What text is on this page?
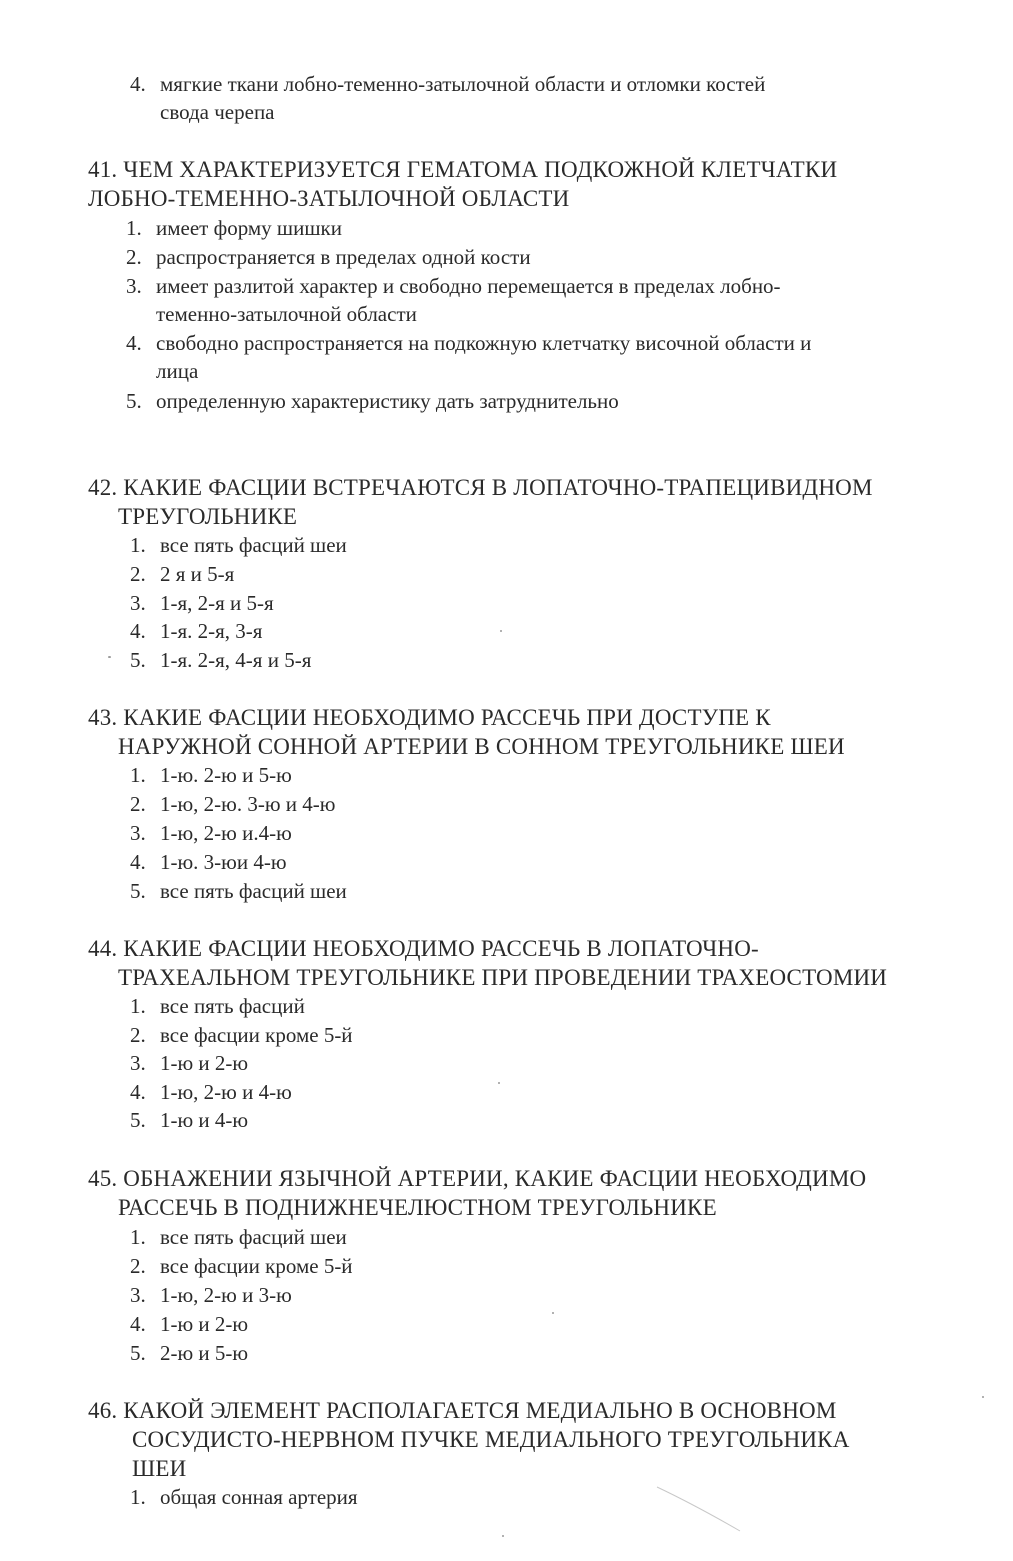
4. мягкие ткани лобно-теменно-затылочной области и отломки костей
свода черепа
41. ЧЕМ ХАРАКТЕРИЗУЕТСЯ ГЕМАТОМА ПОДКОЖНОЙ КЛЕТЧАТКИ
ЛОБНО-ТЕМЕННО-ЗАТЫЛОЧНОЙ ОБЛАСТИ
1. имеет форму шишки
2. распространяется в пределах одной кости
3. имеет разлитой характер и свободно перемещается в пределах лобно-
теменно-затылочной области
4. свободно распространяется на подкожную клетчатку височной области и
лица
5. определенную характеристику дать затруднительно
42. КАКИЕ ФАСЦИИ ВСТРЕЧАЮТСЯ В ЛОПАТОЧНО-ТРАПЕЦИВИДНОМ
ТРЕУГОЛЬНИКЕ
1. все пять фасций шеи
2. 2 я и 5-я
3. 1-я, 2-я и 5-я
4. 1-я. 2-я, 3-я
5. 1-я. 2-я, 4-я и 5-я
43. КАКИЕ ФАСЦИИ НЕОБХОДИМО РАССЕЧЬ ПРИ ДОСТУПЕ К
НАРУЖНОЙ СОННОЙ АРТЕРИИ В СОННОМ ТРЕУГОЛЬНИКЕ ШЕИ
1. 1-ю. 2-ю и 5-ю
2. 1-ю, 2-ю. 3-ю и 4-ю
3. 1-ю, 2-ю и.4-ю
4. 1-ю. 3-юи 4-ю
5. все пять фасций шеи
44. КАКИЕ ФАСЦИИ НЕОБХОДИМО РАССЕЧЬ В ЛОПАТОЧНО-
ТРАХЕАЛЬНОМ ТРЕУГОЛЬНИКЕ ПРИ ПРОВЕДЕНИИ ТРАХЕОСТОМИИ
1. все пять фасций
2. все фасции кроме 5-й
3. 1-ю и 2-ю
4. 1-ю, 2-ю и 4-ю
5. 1-ю и 4-ю
45. ОБНАЖЕНИИ ЯЗЫЧНОЙ АРТЕРИИ, КАКИЕ ФАСЦИИ НЕОБХОДИМО
РАССЕЧЬ В ПОДНИЖНЕЧЕЛЮСТНОМ ТРЕУГОЛЬНИКЕ
1. все пять фасций шеи
2. все фасции кроме 5-й
3. 1-ю, 2-ю и 3-ю
4. 1-ю и 2-ю
5. 2-ю и 5-ю
46. КАКОЙ ЭЛЕМЕНТ РАСПОЛАГАЕТСЯ МЕДИАЛЬНО В ОСНОВНОМ
СОСУДИСТО-НЕРВНОМ ПУЧКЕ МЕДИАЛЬНОГО ТРЕУГОЛЬНИКА
ШЕИ
1. общая сонная артерия
